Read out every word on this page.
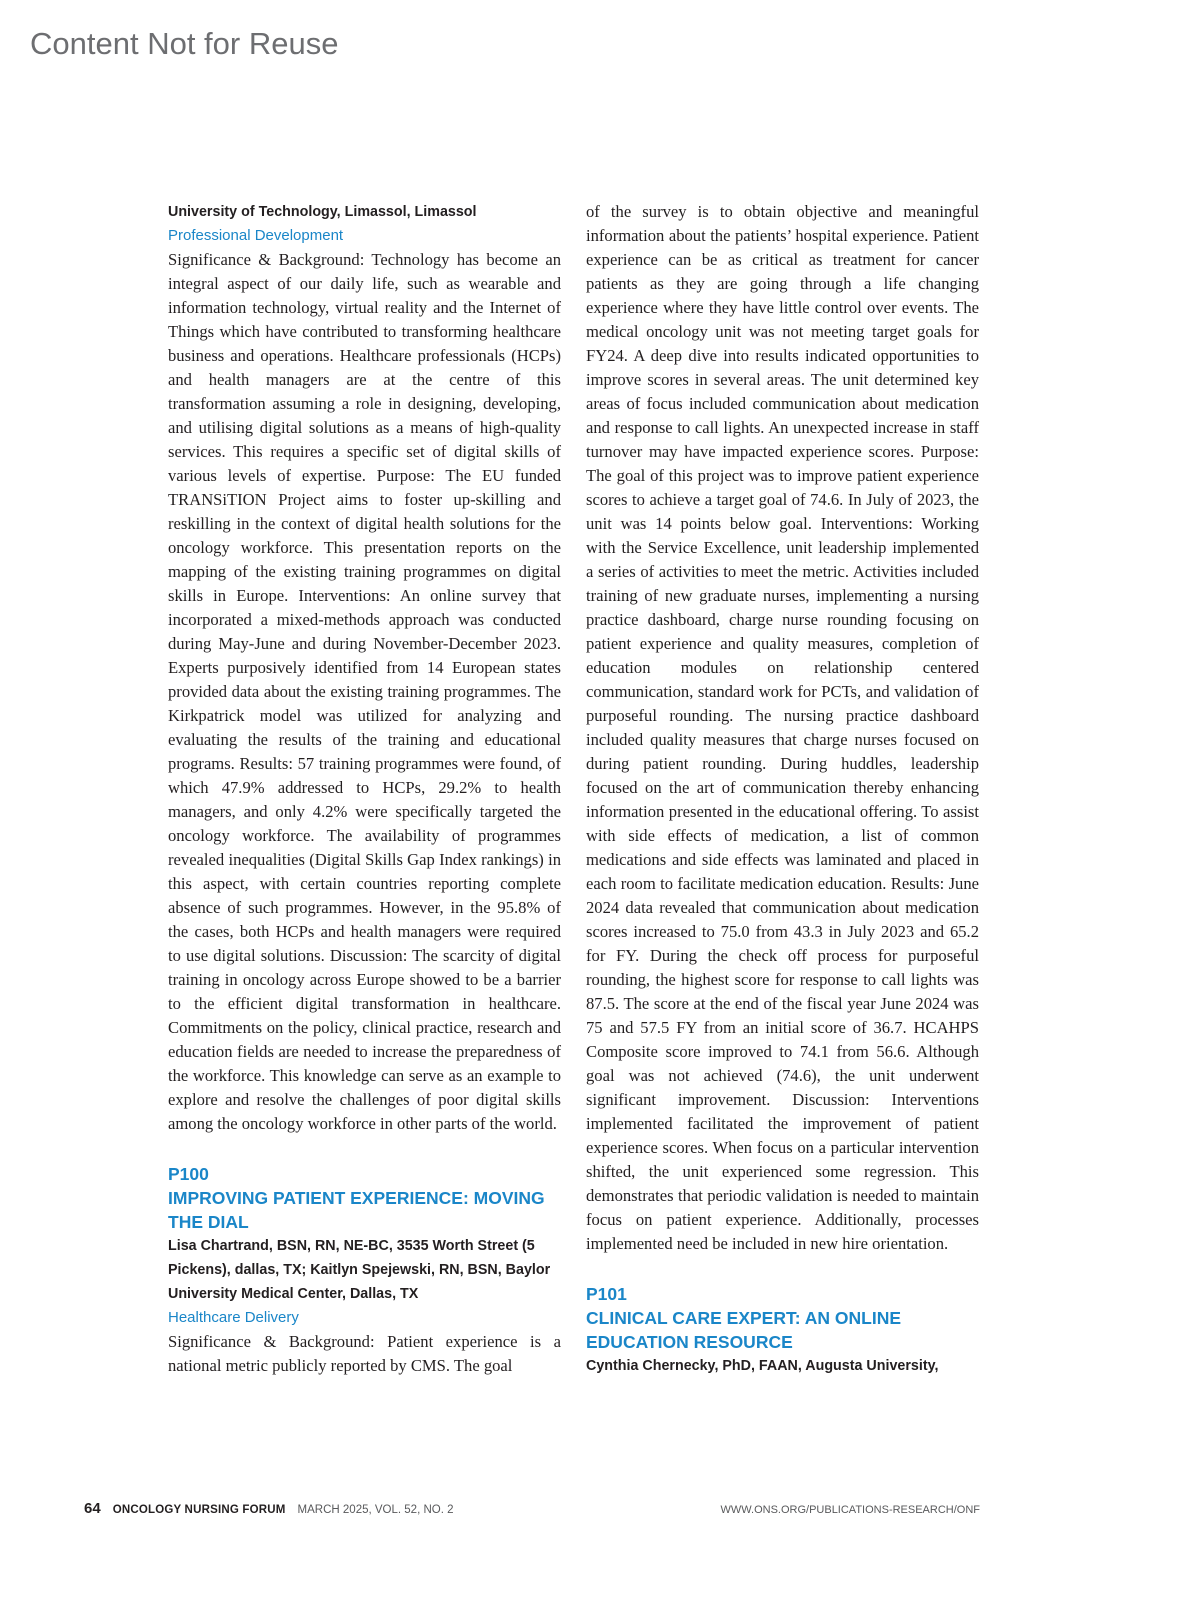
Content Not for Reuse
University of Technology, Limassol, Limassol
Professional Development

Significance & Background: Technology has become an integral aspect of our daily life, such as wearable and information technology, virtual reality and the Internet of Things which have contributed to transforming healthcare business and operations. Healthcare professionals (HCPs) and health managers are at the centre of this transformation assuming a role in designing, developing, and utilising digital solutions as a means of high-quality services. This requires a specific set of digital skills of various levels of expertise. Purpose: The EU funded TRANSiTION Project aims to foster up-skilling and reskilling in the context of digital health solutions for the oncology workforce. This presentation reports on the mapping of the existing training programmes on digital skills in Europe. Interventions: An online survey that incorporated a mixed-methods approach was conducted during May-June and during November-December 2023. Experts purposively identified from 14 European states provided data about the existing training programmes. The Kirkpatrick model was utilized for analyzing and evaluating the results of the training and educational programs. Results: 57 training programmes were found, of which 47.9% addressed to HCPs, 29.2% to health managers, and only 4.2% were specifically targeted the oncology workforce. The availability of programmes revealed inequalities (Digital Skills Gap Index rankings) in this aspect, with certain countries reporting complete absence of such programmes. However, in the 95.8% of the cases, both HCPs and health managers were required to use digital solutions. Discussion: The scarcity of digital training in oncology across Europe showed to be a barrier to the efficient digital transformation in healthcare. Commitments on the policy, clinical practice, research and education fields are needed to increase the preparedness of the workforce. This knowledge can serve as an example to explore and resolve the challenges of poor digital skills among the oncology workforce in other parts of the world.

P100
IMPROVING PATIENT EXPERIENCE: MOVING THE DIAL
Lisa Chartrand, BSN, RN, NE-BC, 3535 Worth Street (5 Pickens), dallas, TX; Kaitlyn Spejewski, RN, BSN, Baylor University Medical Center, Dallas, TX
Healthcare Delivery

Significance & Background: Patient experience is a national metric publicly reported by CMS. The goal

of the survey is to obtain objective and meaningful information about the patients’ hospital experience. Patient experience can be as critical as treatment for cancer patients as they are going through a life changing experience where they have little control over events. The medical oncology unit was not meeting target goals for FY24. A deep dive into results indicated opportunities to improve scores in several areas. The unit determined key areas of focus included communication about medication and response to call lights. An unexpected increase in staff turnover may have impacted experience scores. Purpose: The goal of this project was to improve patient experience scores to achieve a target goal of 74.6. In July of 2023, the unit was 14 points below goal. Interventions: Working with the Service Excellence, unit leadership implemented a series of activities to meet the metric. Activities included training of new graduate nurses, implementing a nursing practice dashboard, charge nurse rounding focusing on patient experience and quality measures, completion of education modules on relationship centered communication, standard work for PCTs, and validation of purposeful rounding. The nursing practice dashboard included quality measures that charge nurses focused on during patient rounding. During huddles, leadership focused on the art of communication thereby enhancing information presented in the educational offering. To assist with side effects of medication, a list of common medications and side effects was laminated and placed in each room to facilitate medication education. Results: June 2024 data revealed that communication about medication scores increased to 75.0 from 43.3 in July 2023 and 65.2 for FY. During the check off process for purposeful rounding, the highest score for response to call lights was 87.5. The score at the end of the fiscal year June 2024 was 75 and 57.5 FY from an initial score of 36.7. HCAHPS Composite score improved to 74.1 from 56.6. Although goal was not achieved (74.6), the unit underwent significant improvement. Discussion: Interventions implemented facilitated the improvement of patient experience scores. When focus on a particular intervention shifted, the unit experienced some regression. This demonstrates that periodic validation is needed to maintain focus on patient experience. Additionally, processes implemented need be included in new hire orientation.

P101
CLINICAL CARE EXPERT: AN ONLINE EDUCATION RESOURCE
Cynthia Chernecky, PhD, FAAN, Augusta University,
64 ONCOLOGY NURSING FORUM MARCH 2025, VOL. 52, NO. 2	WWW.ONS.ORG/PUBLICATIONS-RESEARCH/ONF
